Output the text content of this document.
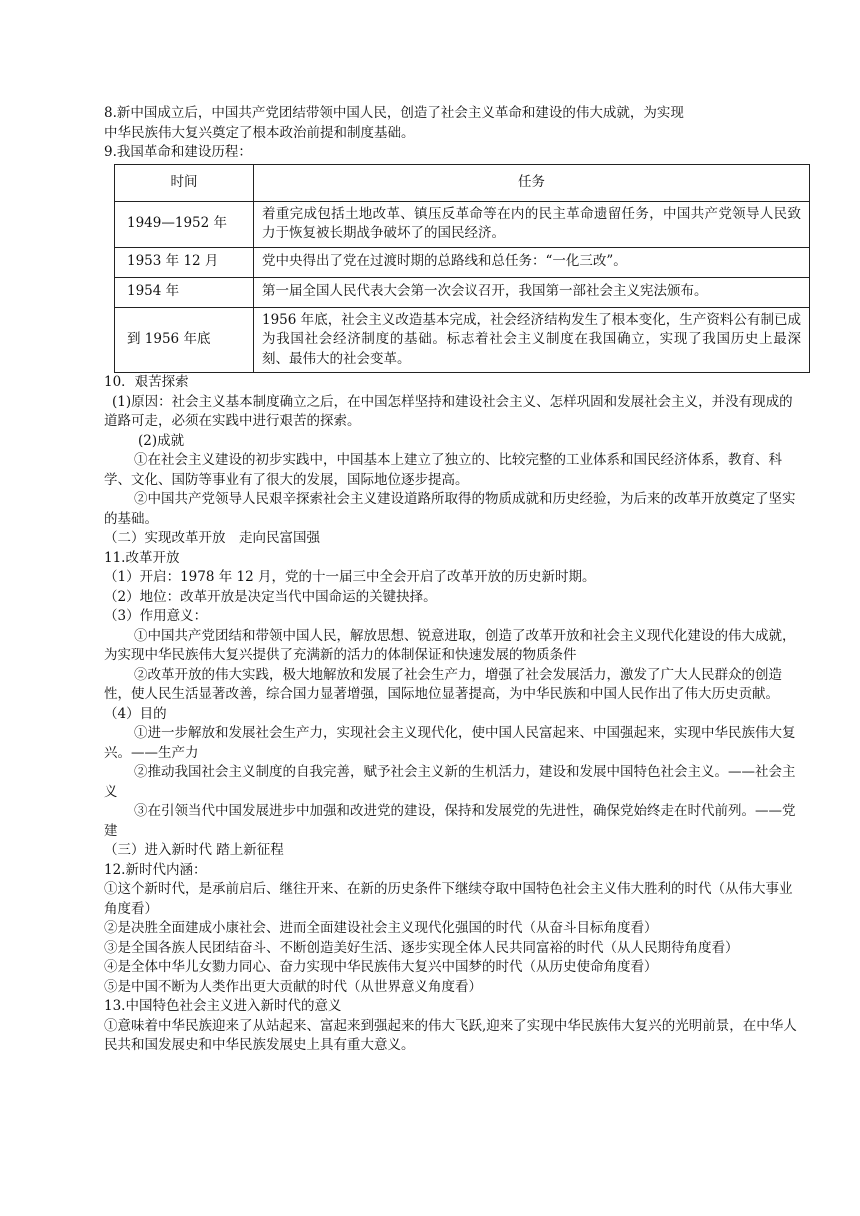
8.新中国成立后，中国共产党团结带领中国人民，创造了社会主义革命和建设的伟大成就，为实现

中华民族伟大复兴奠定了根本政治前提和制度基础。

9.我国革命和建设历程：

时间	任务
1949—1952 年	着重完成包括土地改革、镇压反革命等在内的民主革命遗留任务，中国共产党领导人民致力于恢复被长期战争破坏了的国民经济。
1953 年 12 月	党中央得出了党在过渡时期的总路线和总任务：“一化三改”。
1954 年	第一届全国人民代表大会第一次会议召开，我国第一部社会主义宪法颁布。
到 1956 年底	1956 年底，社会主义改造基本完成，社会经济结构发生了根本变化，生产资料公有制已成为我国社会经济制度的基础。标志着社会主义制度在我国确立，实现了我国历史上最深刻、最伟大的社会变革。

10．艰苦探索

(1)原因：社会主义基本制度确立之后，在中国怎样坚持和建设社会主义、怎样巩固和发展社会主义，并没有现成的道路可走，必须在实践中进行艰苦的探索。

(2)成就

①在社会主义建设的初步实践中，中国基本上建立了独立的、比较完整的工业体系和国民经济体系，教育、科学、文化、国防等事业有了很大的发展，国际地位逐步提高。

②中国共产党领导人民艰辛探索社会主义建设道路所取得的物质成就和历史经验，为后来的改革开放奠定了坚实的基础。

（二）实现改革开放　走向民富国强

11.改革开放

（1）开启：1978 年 12 月，党的十一届三中全会开启了改革开放的历史新时期。

（2）地位：改革开放是决定当代中国命运的关键抉择。

（3）作用意义：

①中国共产党团结和带领中国人民，解放思想、锐意进取，创造了改革开放和社会主义现代化建设的伟大成就，为实现中华民族伟大复兴提供了充满新的活力的体制保证和快速发展的物质条件

②改革开放的伟大实践，极大地解放和发展了社会生产力，增强了社会发展活力，激发了广大人民群众的创造性，使人民生活显著改善，综合国力显著增强，国际地位显著提高，为中华民族和中国人民作出了伟大历史贡献。

（4）目的

①进一步解放和发展社会生产力，实现社会主义现代化，使中国人民富起来、中国强起来，实现中华民族伟大复兴。——生产力

②推动我国社会主义制度的自我完善，赋予社会主义新的生机活力，建设和发展中国特色社会主义。——社会主义

③在引领当代中国发展进步中加强和改进党的建设，保持和发展党的先进性，确保党始终走在时代前列。——党建

（三）进入新时代 踏上新征程

12.新时代内涵：

①这个新时代，是承前启后、继往开来、在新的历史条件下继续夺取中国特色社会主义伟大胜利的时代（从伟大事业角度看）

②是决胜全面建成小康社会、进而全面建设社会主义现代化强国的时代（从奋斗目标角度看）

③是全国各族人民团结奋斗、不断创造美好生活、逐步实现全体人民共同富裕的时代（从人民期待角度看）

④是全体中华儿女勠力同心、奋力实现中华民族伟大复兴中国梦的时代（从历史使命角度看）

⑤是中国不断为人类作出更大贡献的时代（从世界意义角度看）

13.中国特色社会主义进入新时代的意义

①意味着中华民族迎来了从站起来、富起来到强起来的伟大飞跃,迎来了实现中华民族伟大复兴的光明前景，在中华人民共和国发展史和中华民族发展史上具有重大意义。
